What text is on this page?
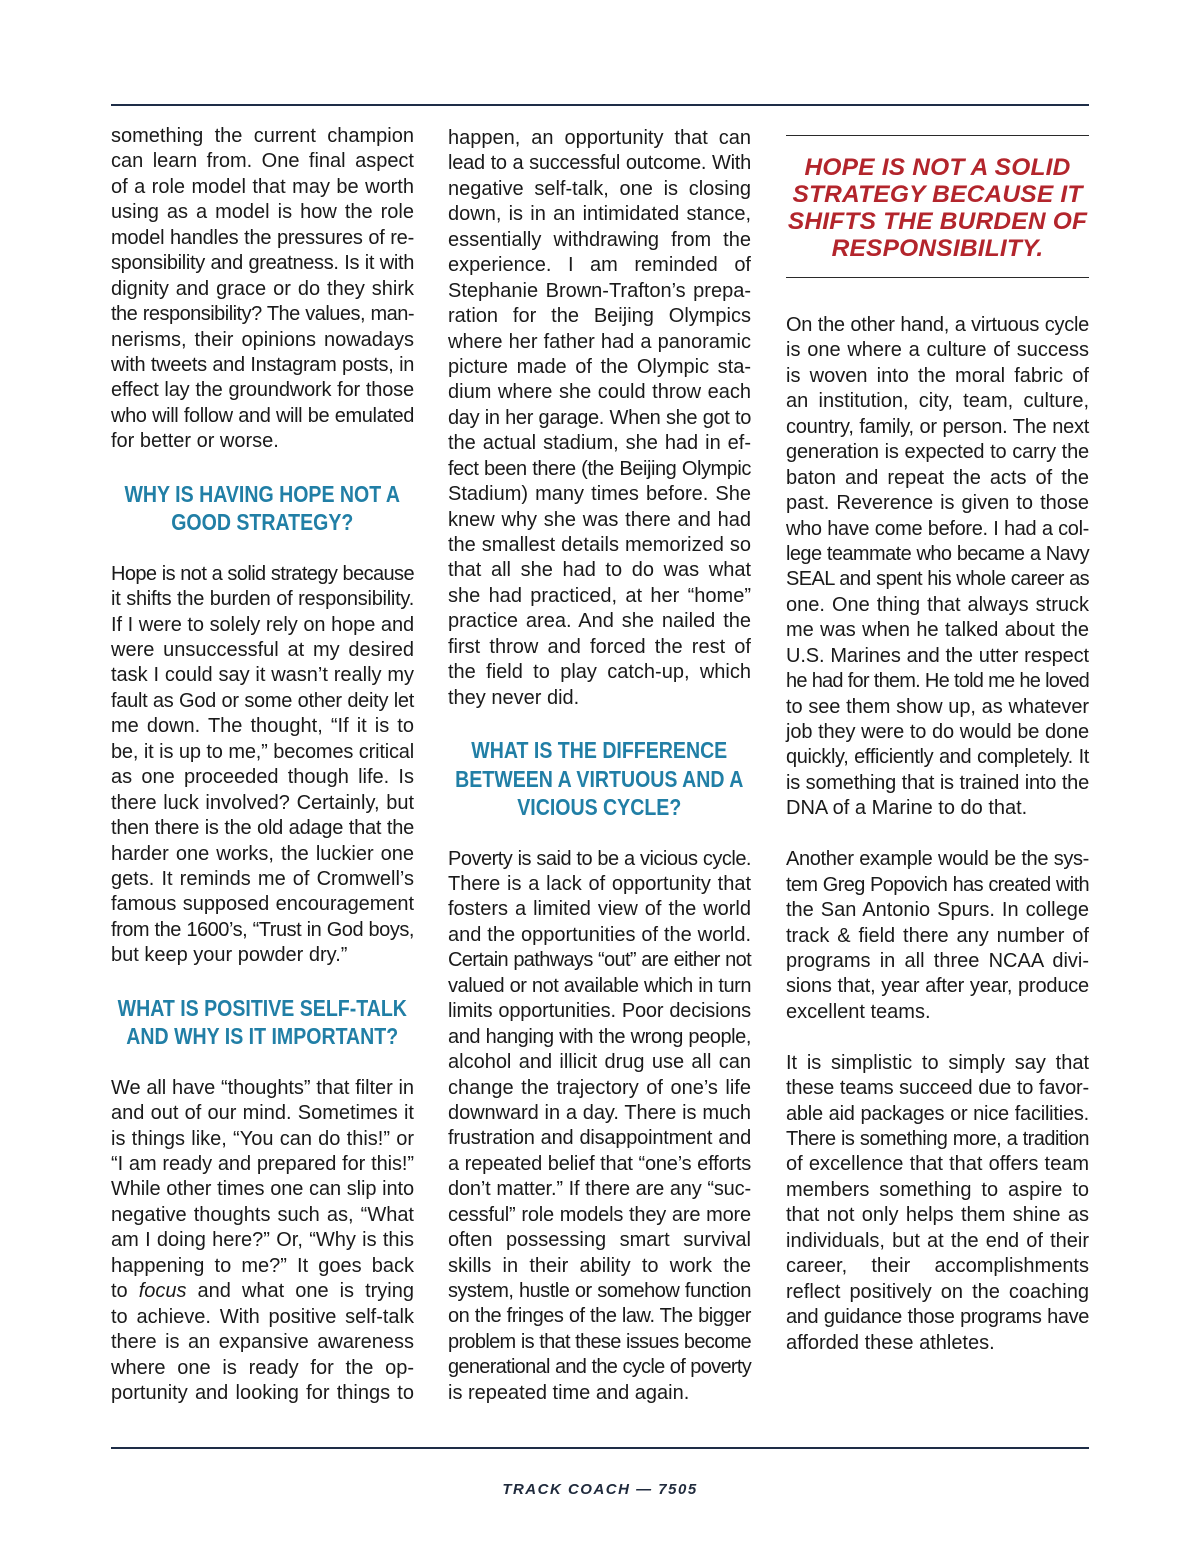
something the current champion
can learn from. One final aspect
of a role model that may be worth
using as a model is how the role
model handles the pressures of re-
sponsibility and greatness. Is it with
dignity and grace or do they shirk
the responsibility? The values, man-
nerisms, their opinions nowadays
with tweets and Instagram posts, in
effect lay the groundwork for those
who will follow and will be emulated
for better or worse.
WHY IS HAVING HOPE NOT A
GOOD STRATEGY?
Hope is not a solid strategy because
it shifts the burden of responsibility.
If I were to solely rely on hope and
were unsuccessful at my desired
task I could say it wasn’t really my
fault as God or some other deity let
me down. The thought, “If it is to
be, it is up to me,” becomes critical
as one proceeded though life. Is
there luck involved? Certainly, but
then there is the old adage that the
harder one works, the luckier one
gets. It reminds me of Cromwell’s
famous supposed encouragement
from the 1600’s, “Trust in God boys,
but keep your powder dry.”
WHAT IS POSITIVE SELF-TALK
AND WHY IS IT IMPORTANT?
We all have “thoughts” that filter in
and out of our mind. Sometimes it
is things like, “You can do this!” or
“I am ready and prepared for this!”
While other times one can slip into
negative thoughts such as, “What
am I doing here?” Or, “Why is this
happening to me?” It goes back
to focus and what one is trying
to achieve. With positive self-talk
there is an expansive awareness
where one is ready for the op-
portunity and looking for things to
happen, an opportunity that can
lead to a successful outcome. With
negative self-talk, one is closing
down, is in an intimidated stance,
essentially withdrawing from the
experience. I am reminded of
Stephanie Brown-Trafton’s prepa-
ration for the Beijing Olympics
where her father had a panoramic
picture made of the Olympic sta-
dium where she could throw each
day in her garage. When she got to
the actual stadium, she had in ef-
fect been there (the Beijing Olympic
Stadium) many times before. She
knew why she was there and had
the smallest details memorized so
that all she had to do was what
she had practiced, at her “home”
practice area. And she nailed the
first throw and forced the rest of
the field to play catch-up, which
they never did.
WHAT IS THE DIFFERENCE
BETWEEN A VIRTUOUS AND A
VICIOUS CYCLE?
Poverty is said to be a vicious cycle.
There is a lack of opportunity that
fosters a limited view of the world
and the opportunities of the world.
Certain pathways “out” are either not
valued or not available which in turn
limits opportunities. Poor decisions
and hanging with the wrong people,
alcohol and illicit drug use all can
change the trajectory of one’s life
downward in a day. There is much
frustration and disappointment and
a repeated belief that “one’s efforts
don’t matter.” If there are any “suc-
cessful” role models they are more
often possessing smart survival
skills in their ability to work the
system, hustle or somehow function
on the fringes of the law. The bigger
problem is that these issues become
generational and the cycle of poverty
is repeated time and again.
HOPE IS NOT A SOLID
STRATEGY BECAUSE IT
SHIFTS THE BURDEN OF
RESPONSIBILITY.
On the other hand, a virtuous cycle
is one where a culture of success
is woven into the moral fabric of
an institution, city, team, culture,
country, family, or person. The next
generation is expected to carry the
baton and repeat the acts of the
past. Reverence is given to those
who have come before. I had a col-
lege teammate who became a Navy
SEAL and spent his whole career as
one. One thing that always struck
me was when he talked about the
U.S. Marines and the utter respect
he had for them. He told me he loved
to see them show up, as whatever
job they were to do would be done
quickly, efficiently and completely. It
is something that is trained into the
DNA of a Marine to do that.
Another example would be the sys-
tem Greg Popovich has created with
the San Antonio Spurs. In college
track & field there any number of
programs in all three NCAA divi-
sions that, year after year, produce
excellent teams.
It is simplistic to simply say that
these teams succeed due to favor-
able aid packages or nice facilities.
There is something more, a tradition
of excellence that that offers team
members something to aspire to
that not only helps them shine as
individuals, but at the end of their
career, their accomplishments
reflect positively on the coaching
and guidance those programs have
afforded these athletes.
TRACK COACH — 7505
